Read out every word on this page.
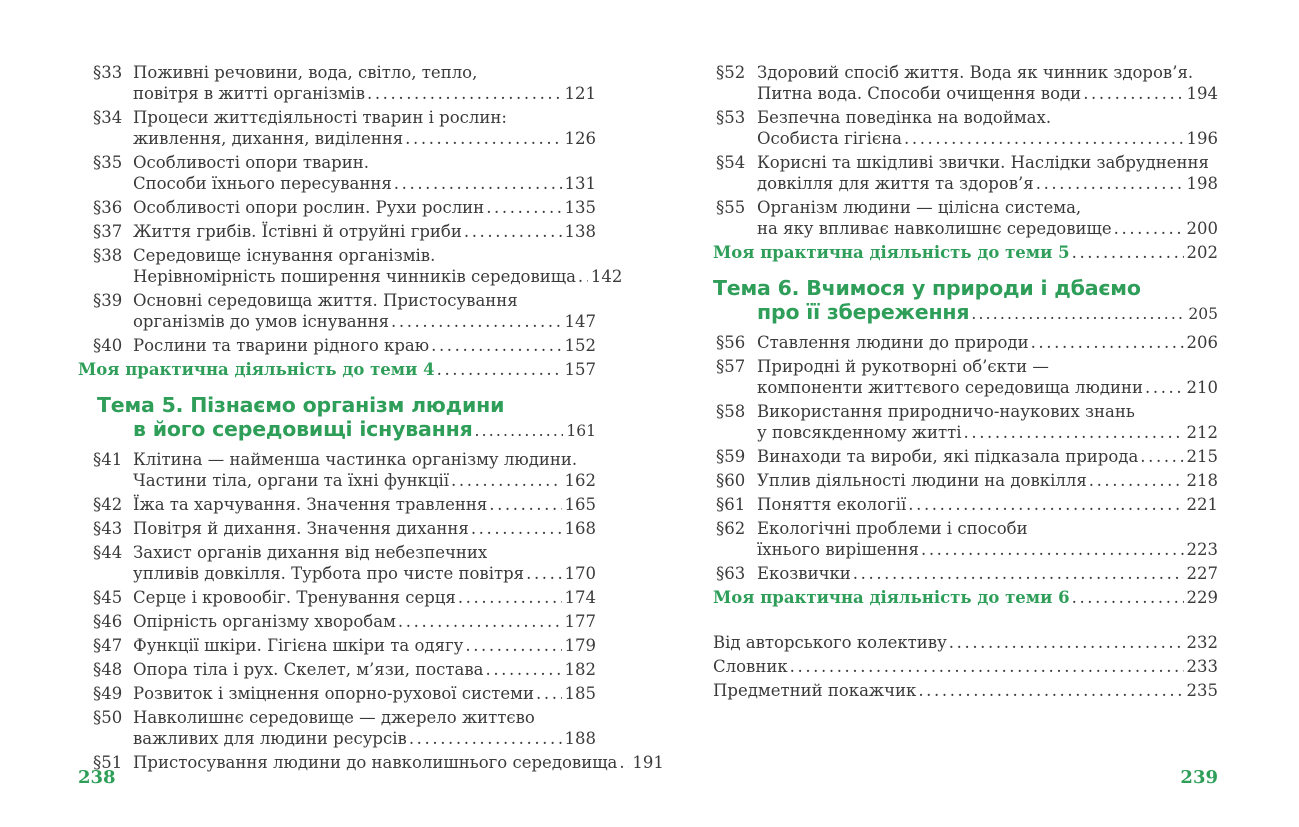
§33 Поживні речовини, вода, світло, тепло,
повітря в житті організмів .....	121
§34 Процеси життєдіяльності тварин і рослин:
живлення, дихання, виділення .....	126
§35 Особливості опори тварин.
Способи їхнього пересування .....	131
§36 Особливості опори рослин. Рухи рослин .....	135
§37 Життя грибів. Їстівні й отруйні гриби .....	138
§38 Середовище існування організмів.
Нерівномірність поширення чинників середовища ..... 142
§39 Основні середовища життя. Пристосування
організмів до умов існування .....	147
§40 Рослини та тварини рідного краю .....	152
Моя практична діяльність до теми 4 .....	157
Тема 5. Пізнаємо організм людини
в його середовищі існування .....	161
§41 Клітина — найменша частинка організму людини.
Частини тіла, органи та їхні функції .....	162
§42 Їжа та харчування. Значення травлення .....	165
§43 Повітря й дихання. Значення дихання .....	168
§44 Захист органів дихання від небезпечних
упливів довкілля. Турбота про чисте повітря ..... 170
§45 Серце і кровообіг. Тренування серця .....	174
§46 Опірність організму хворобам .....	177
§47 Функції шкіри. Гігієна шкіри та одягу .....	179
§48 Опора тіла і рух. Скелет, м’язи, постава .....	182
§49 Розвиток і зміцнення опорно-рухової системи ..... 185
§50 Навколишнє середовище — джерело життєво
важливих для людини ресурсів .....	188
§51 Пристосування людини до навколишнього середовища ..... 191
§52 Здоровий спосіб життя. Вода як чинник здоров’я.
Питна вода. Способи очищення води .....	194
§53 Безпечна поведінка на водоймах.
Особиста гігієна .....	196
§54 Корисні та шкідливі звички. Наслідки забруднення
довкілля для життя та здоров’я .....	198
§55 Організм людини — цілісна система,
на яку впливає навколишнє середовище .....	200
Моя практична діяльність до теми 5 .....	202
Тема 6. Вчимося у природи і дбаємо
про її збереження .....	205
§56 Ставлення людини до природи .....	206
§57 Природні й рукотворні об’єкти —
компоненти життєвого середовища людини .....	210
§58 Використання природничо-наукових знань
у повсякденному житті .....	212
§59 Винаходи та вироби, які підказала природа .....	215
§60 Уплив діяльності людини на довкілля .....	218
§61 Поняття екології .....	221
§62 Екологічні проблеми і способи
їхнього вирішення .....	223
§63 Екозвички .....	227
Моя практична діяльність до теми 6 .....	229
Від авторського колективу .....	232
Словник .....	233
Предметний покажчик .....	235
238	239
